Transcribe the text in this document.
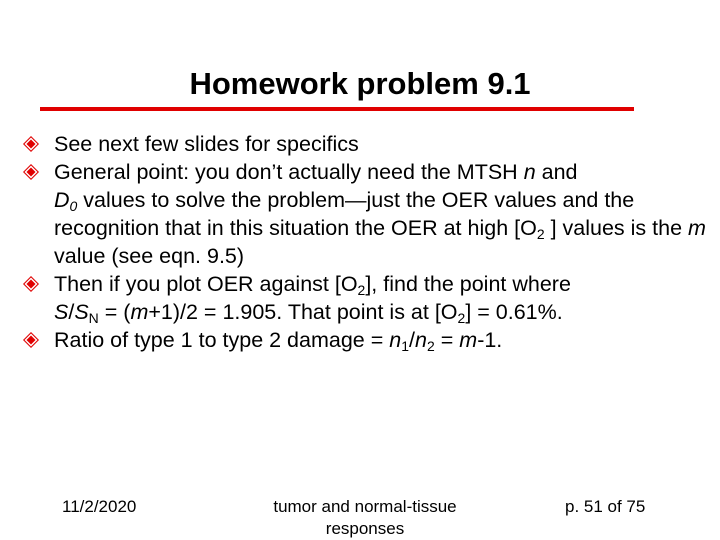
Homework problem 9.1
See next few slides for specifics
General point: you don’t actually need the MTSH n and
$D_0$ values to solve the problem—just the OER values and the recognition that in this situation the OER at high [$O_2$ ] values is the m value (see eqn. 9.5)
Then if you plot OER against $[O_2]$, find the point where
$S/S_N = (m+1)/2 = 1.905$. That point is at $[O_2] = 0.61\%$.
Ratio of type 1 to type 2 damage = $n_1/n_2 = m-1$.
11/2/2020	tumor and normal-tissue responses
p. 51 of 75
